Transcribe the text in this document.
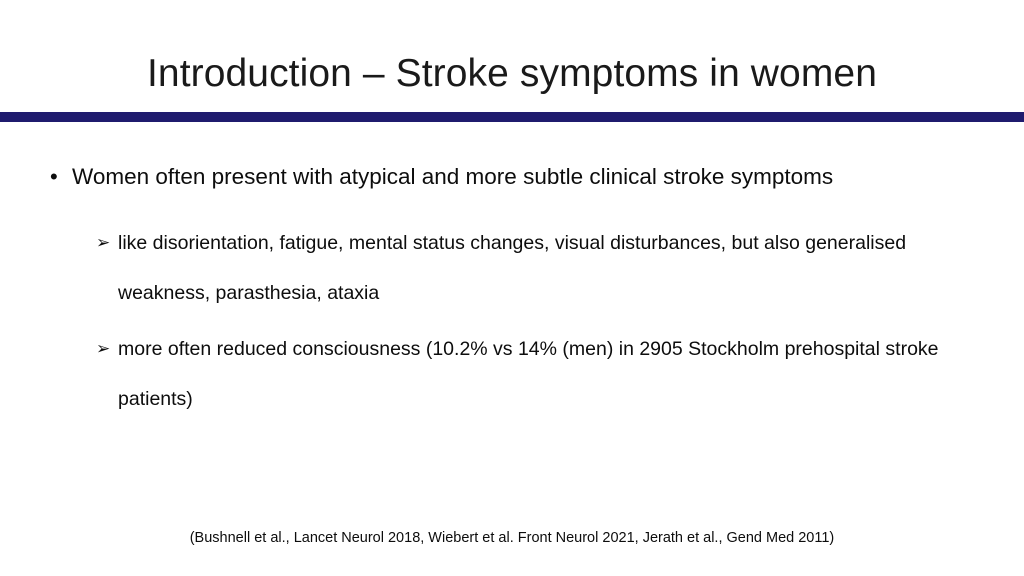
Introduction – Stroke symptoms in women
• Women often present with atypical and more subtle clinical stroke symptoms
➢ like disorientation, fatigue, mental status changes, visual disturbances, but also generalised weakness, parasthesia, ataxia
➢ more often reduced consciousness (10.2% vs 14% (men) in 2905 Stockholm prehospital stroke patients)
(Bushnell et al., Lancet Neurol 2018, Wiebert et al. Front Neurol 2021, Jerath et al., Gend Med 2011)
